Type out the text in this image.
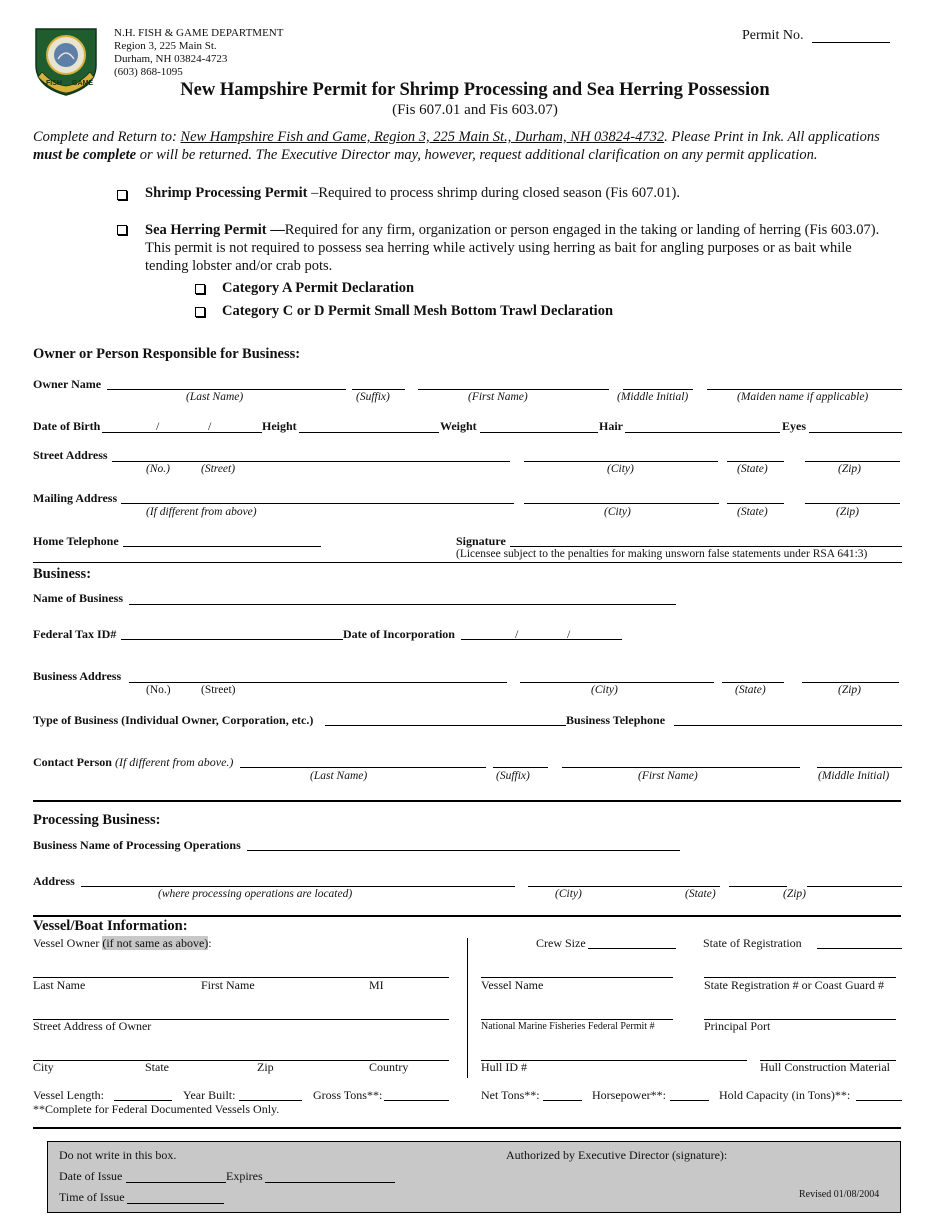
FISH GAME
N.H. FISH & GAME DEPARTMENT
Region 3, 225 Main St.
Durham, NH 03824-4723
(603) 868-1095
Permit No.
New Hampshire Permit for Shrimp Processing and Sea Herring Possession
(Fis 607.01 and Fis 603.07)
Complete and Return to: New Hampshire Fish and Game, Region 3, 225 Main St., Durham, NH 03824-4732. Please Print in Ink. All applications must be complete or will be returned. The Executive Director may, however, request additional clarification on any permit application.
Shrimp Processing Permit –Required to process shrimp during closed season (Fis 607.01).
Sea Herring Permit —Required for any firm, organization or person engaged in the taking or landing of herring (Fis 603.07). This permit is not required to possess sea herring while actively using herring as bait for angling purposes or as bait while tending lobster and/or crab pots.
Category A Permit Declaration
Category C or D Permit Small Mesh Bottom Trawl Declaration
Owner or Person Responsible for Business:
Owner Name
(Last Name)	(Suffix)	(First Name)	(Middle Initial)	(Maiden name if applicable)
Date of Birth	/	/	Height	Weight	Hair	Eyes
Street Address
(No.)	(Street)	(City)	(State)	(Zip)
Mailing Address
(If different from above)	(City)	(State)	(Zip)
Home Telephone	Signature
(Licensee subject to the penalties for making unsworn false statements under RSA 641:3)
Business:
Name of Business
Federal Tax ID#	Date of Incorporation	/	/
Business Address
(No.)	(Street)	(City)	(State)	(Zip)
Type of Business (Individual Owner, Corporation, etc.)	Business Telephone
Contact Person (If different from above.)
(Last Name)	(Suffix)	(First Name)	(Middle Initial)
Processing Business:
Business Name of Processing Operations
Address
(where processing operations are located)	(City)	(State)	(Zip)
Vessel/Boat Information:
Vessel Owner (if not same as above):	Crew Size	State of Registration
Last Name	First Name	MI	Vessel Name	State Registration # or Coast Guard #
Street Address of Owner	National Marine Fisheries Federal Permit #	Principal Port
City	State	Zip	Country	Hull ID #	Hull Construction Material
Vessel Length:	Year Built:	Gross Tons**:	Net Tons**:	Horsepower**:	Hold Capacity (in Tons)**:
**Complete for Federal Documented Vessels Only.
Do not write in this box.	Authorized by Executive Director (signature):
Date of Issue	Expires
Time of Issue	Revised 01/08/2004
